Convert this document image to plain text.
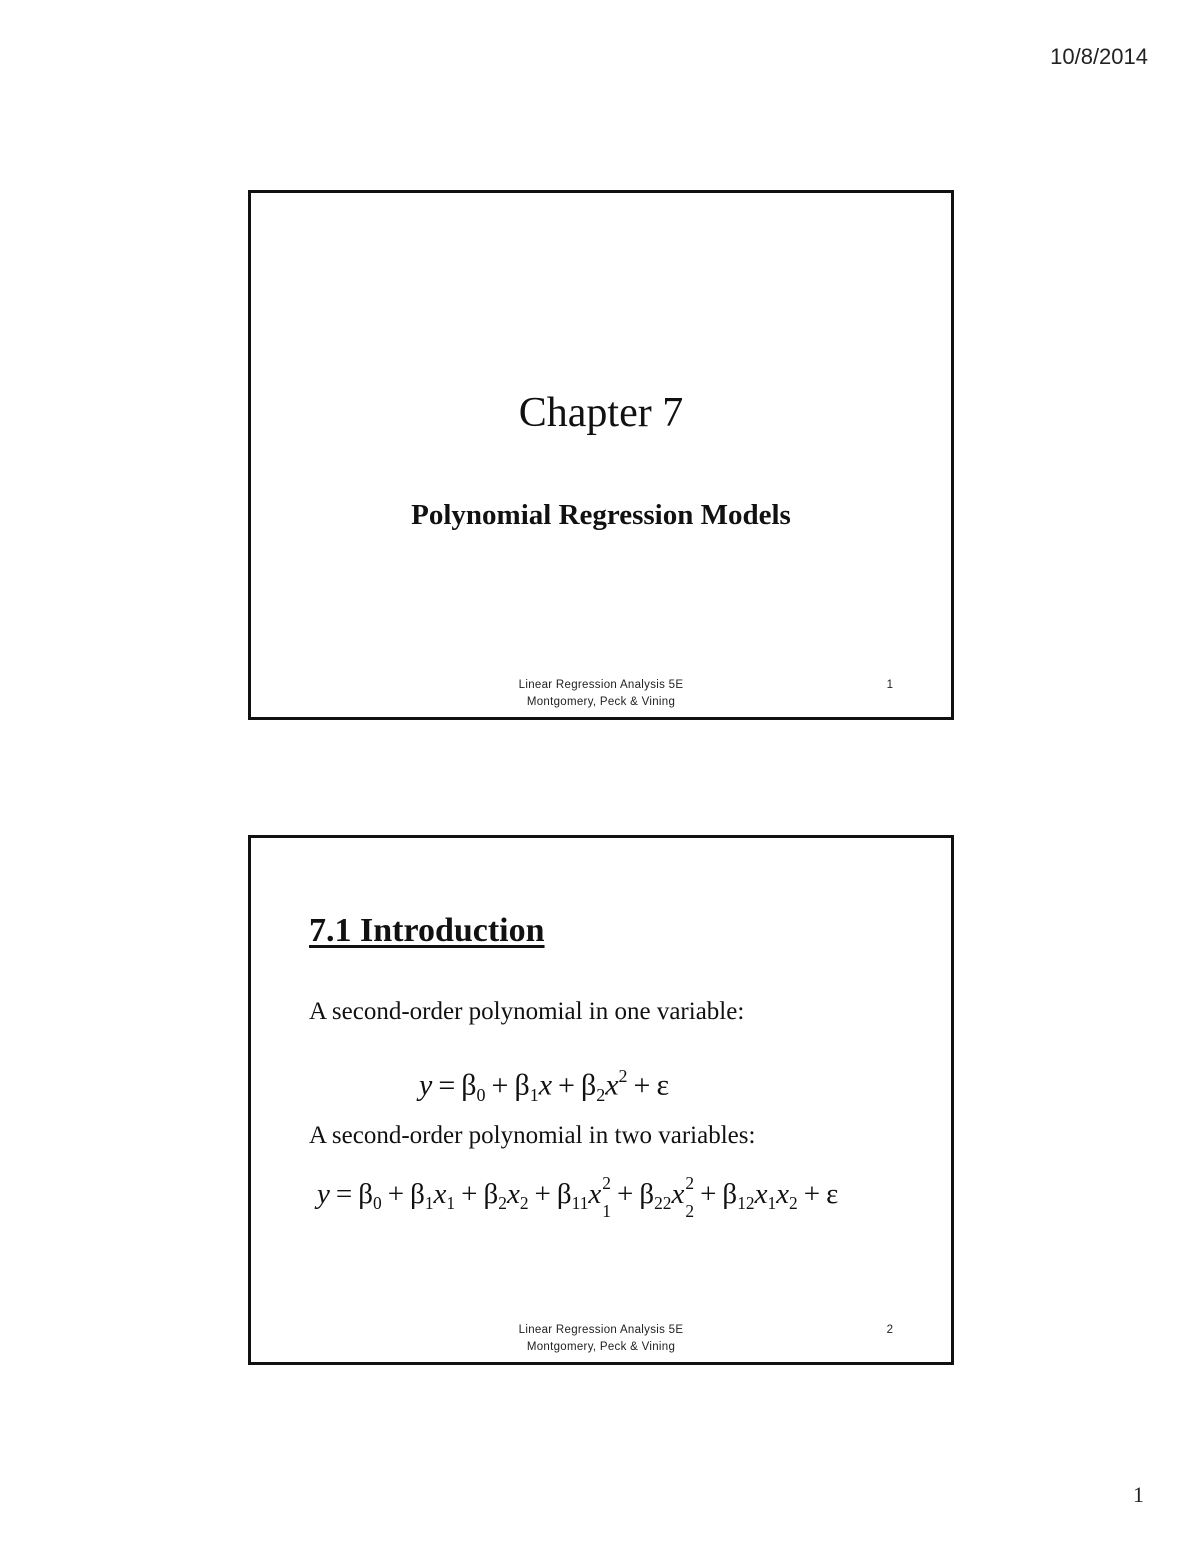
10/8/2014
Chapter 7
Polynomial Regression Models
Linear Regression Analysis 5E
Montgomery, Peck & Vining
1
7.1 Introduction
A second-order polynomial in one variable:
$y = \beta_0 + \beta_1x + \beta_2x^2 + \varepsilon$
A second-order polynomial in two variables:
$y = \beta_0 + \beta_1x_1 + \beta_2x_2 + \beta_{11}x$ 2
1
+ $\beta_{22}x$ 2
2
+ $\beta_{12}x_1x_2 + \varepsilon$
Linear Regression Analysis 5E
Montgomery, Peck & Vining
2
1
